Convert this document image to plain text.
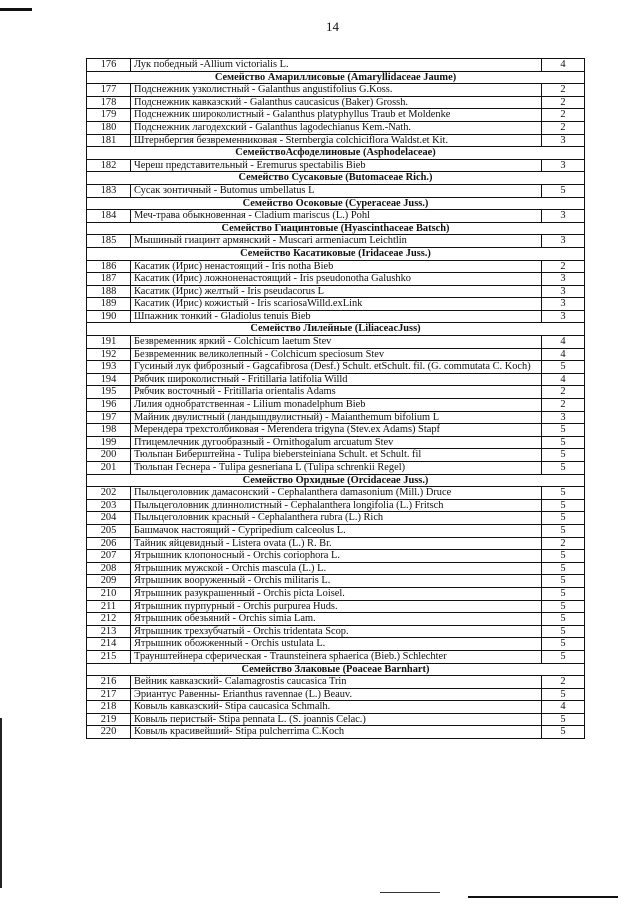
14
176	Лук победный -Allium victorialis L.	4
Семейство Амариллисовые (Amaryllidaceae Jaume)		
177	Подснежник узколистный - Galanthus angustifolius G.Koss.	2
178	Подснежник кавказский - Galanthus caucasicus (Baker) Grossh.	2
179	Подснежник широколистный - Galanthus platyphyllus Traub et Moldenke	2
180	Подснежник лагодехский - Galanthus lagodechianus Kem.-Nath.	2
181	Штернбергия безвременниковая - Sternbergia colchiciflora Waldst.et Kit.	3
СемействоАсфоделиновые (Asphodelaceae)		
182	Череш представительный - Eremurus spectabilis Bieb	3
Семейство Сусаковые (Butomaceae Rich.)		
183	Сусак зонтичный - Butomus umbellatus L	5
Семейство Осоковые (Cyperaceae Juss.)		
184	Меч-трава обыкновенная - Cladium mariscus (L.) Pohl	3
Семейство Гиацинтовые (Hyascinthaceae Batsch)		
185	Мышиный гиацинт армянский - Muscari armeniacum Leichtlin	3
Семейство Касатиковые (Iridaceae Juss.)		
186	Касатик (Ирис) ненастоящий - Iris notha Bieb	2
187	Касатик (Ирис) ложноненастоящий - Iris pseudonotha Galushko	3
188	Касатик (Ирис) желтый - Iris pseudacorus L	3
189	Касатик (Ирис) кожистый - Iris scariosaWilld.exLink	3
190	Шпажник тонкий - Gladiolus tenuis Bieb	3
Семейство Лилейные (LiliaceacJuss)		
191	Безвременник яркий - Colchicum laetum Stev	4
192	Безвременник великолепный - Colchicum speciosum Stev	4
193	Гусиный лук фиброзный - Gagcafibrosa (Desf.) Schult. etSchult. fil. (G. commutata C. Koch)	5
194	Рябчик широколистный - Fritillaria latifolia Willd	4
195	Рябчик восточный - Fritillaria orientalis Adams	2
196	Лилия однобратственная - Lilium monadelphum Bieb	2
197	Майник двулистный (ландышдвулистный) - Maianthemum bifolium L	3
198	Мерендера трехстолбиковая - Merendera trigyna (Stev.ex Adams) Stapf	5
199	Птицемлечник дугообразный - Ornithogalum arcuatum Stev	5
200	Тюльпан Биберштейна - Tulipa biebersteiniana Schult. et Schult. fil	5
201	Тюльпан Геснера - Tulipa gesneriana L (Tulipa schrenkii Regel)	5
Семейство Орхидные (Orcidaceae Juss.)		
202	Пыльцеголовник дамасонский - Cephalanthera damasonium (Mill.) Druce	5
203	Пыльцеголовник длиннолистный - Cephalanthera longifolia (L.) Fritsch	5
204	Пыльцеголовник красный - Cephalanthera rubra (L.) Rich	5
205	Башмачок настоящий - Cypripedium calceolus L.	5
206	Тайник яйцевидный - Listera ovata (L.) R. Br.	2
207	Ятрышник клопоносный - Orchis coriophora L.	5
208	Ятрышник мужской - Orchis mascula (L.) L.	5
209	Ятрышник вооруженный - Orchis militaris L.	5
210	Ятрышник разукрашенный - Orchis picta Loisel.	5
211	Ятрышник пурпурный - Orchis purpurea Huds.	5
212	Ятрышник обезьяний - Orchis simia Lam.	5
213	Ятрышник трехзубчатый - Orchis tridentata Scop.	5
214	Ятрышник обожженный - Orchis ustulata L.	5
215	Траунштейнера сферическая - Traunsteinera sphaerica (Bieb.) Schlechter	5
Семейство Злаковые (Poaceae Barnhart)		
216	Вейник кавказский- Calamagrostis caucasica Trin	2
217	Эриантус Равенны- Erianthus ravennae (L.) Beauv.	5
218	Ковыль кавказский- Stipa caucasica Schmalh.	4
219	Ковыль перистый- Stipa pennata L. (S. joannis Celac.)	5
220	Ковыль красивейший- Stipa pulcherrima C.Koch	5
